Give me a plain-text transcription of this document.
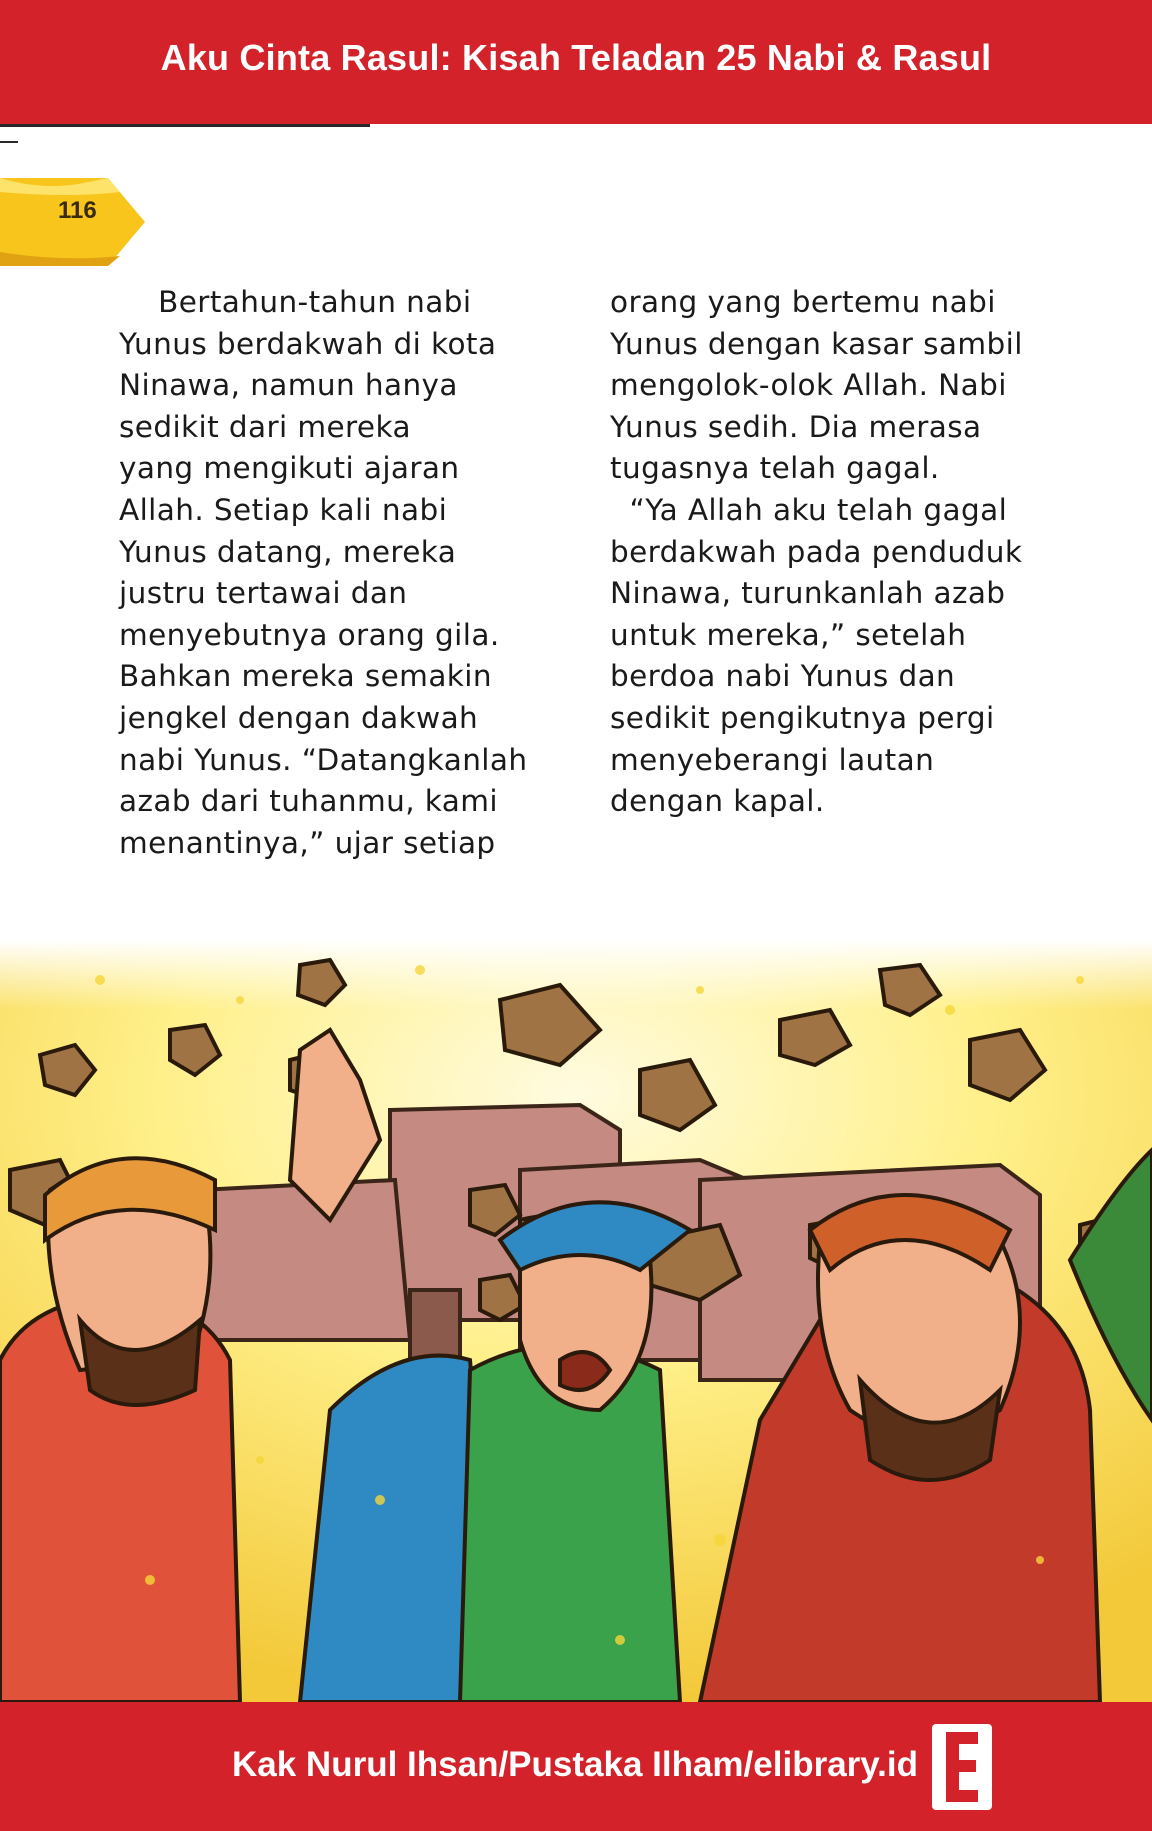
Aku Cinta Rasul: Kisah Teladan 25 Nabi & Rasul
116
Bertahun-tahun nabi
Yunus berdakwah di kota
Ninawa, namun hanya
sedikit dari mereka
yang mengikuti ajaran
Allah. Setiap kali nabi
Yunus datang, mereka
justru tertawai dan
menyebutnya orang gila.
Bahkan mereka semakin
jengkel dengan dakwah
nabi Yunus. “Datangkanlah
azab dari tuhanmu, kami
menantinya,” ujar setiap
orang yang bertemu nabi
Yunus dengan kasar sambil
mengolok-olok Allah. Nabi
Yunus sedih. Dia merasa
tugasnya telah gagal.
“Ya Allah aku telah gagal
berdakwah pada penduduk
Ninawa, turunkanlah azab
untuk mereka,” setelah
berdoa nabi Yunus dan
sedikit pengikutnya pergi
menyeberangi lautan
dengan kapal.
Kak Nurul Ihsan/Pustaka Ilham/elibrary.id
